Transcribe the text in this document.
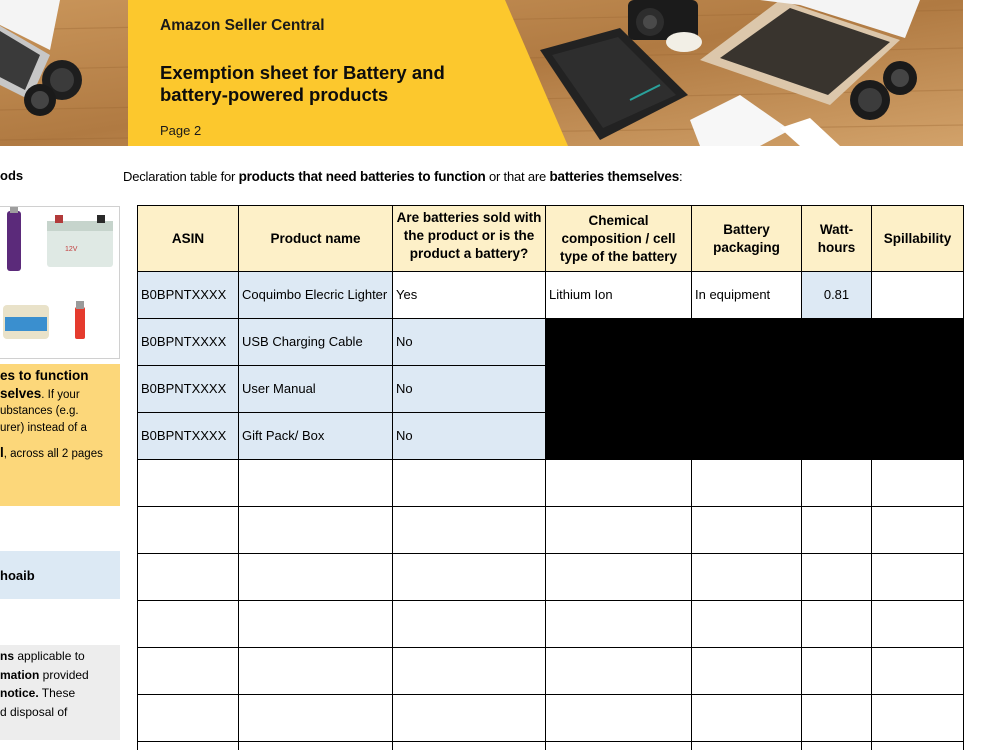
Amazon Seller Central
Exemption sheet for Battery and battery-powered products
Page 2
ods
12V
es to function
selves. If your
ubstances (e.g.
urer) instead of a
l, across all 2 pages
hoaib
ns applicable to
mation provided
notice. These
d disposal of
Declaration table for products that need batteries to function or that are batteries themselves:
ASIN	Product name	Are batteries sold with the product or is the product a battery?	Chemical composition / cell type of the battery	Battery packaging	Watt-hours	Spillability
B0BPNTXXXX	Coquimbo Elecric Lighter	Yes	Lithium Ion	In equipment	0.81	
B0BPNTXXXX	USB Charging Cable	No				
B0BPNTXXXX	User Manual	No				
B0BPNTXXXX	Gift Pack/ Box	No				
